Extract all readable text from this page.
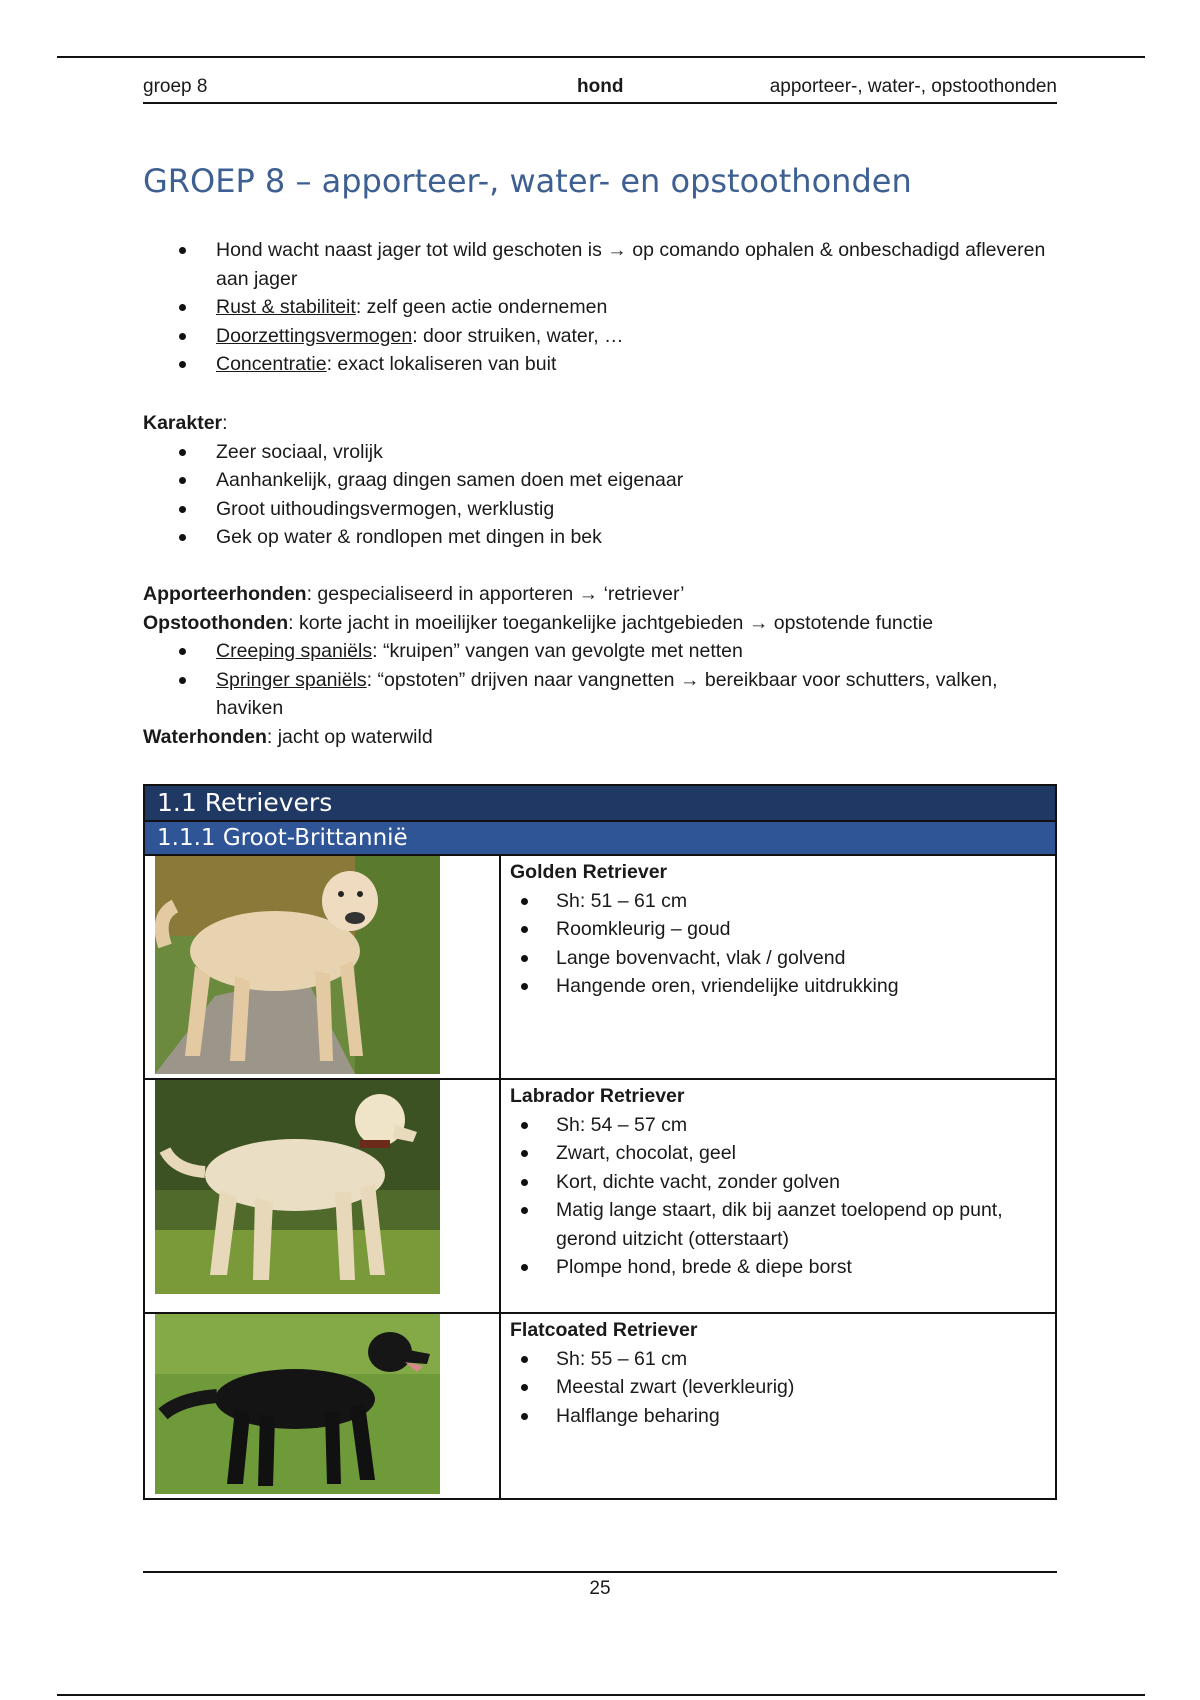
groep 8	hond	apporteer-, water-, opstoothonden
GROEP 8 – apporteer-, water- en opstoothonden
Hond wacht naast jager tot wild geschoten is → op comando ophalen & onbeschadigd afleveren aan jager
Rust & stabiliteit: zelf geen actie ondernemen
Doorzettingsvermogen: door struiken, water, …
Concentratie: exact lokaliseren van buit

Karakter:

Zeer sociaal, vrolijk
Aanhankelijk, graag dingen samen doen met eigenaar
Groot uithoudingsvermogen, werklustig
Gek op water & rondlopen met dingen in bek

Apporteerhonden: gespecialiseerd in apporteren → ‘retriever’

Opstoothonden: korte jacht in moeilijker toegankelijke jachtgebieden → opstotende functie

Creeping spaniëls: “kruipen” vangen van gevolgte met netten
Springer spaniëls: “opstoten” drijven naar vangnetten → bereikbaar voor schutters, valken, haviken

Waterhonden: jacht op waterwild

1.1 Retrievers
1.1.1 Groot-Brittannië
Golden Retriever
Sh: 51 – 61 cm
Roomkleurig – goud
Lange bovenvacht, vlak / golvend
Hangende oren, vriendelijke uitdrukking
Labrador Retriever
Sh: 54 – 57 cm
Zwart, chocolat, geel
Kort, dichte vacht, zonder golven
Matig lange staart, dik bij aanzet toelopend op punt, gerond uitzicht (otterstaart)
Plompe hond, brede & diepe borst
Flatcoated Retriever
Sh: 55 – 61 cm
Meestal zwart (leverkleurig)
Halflange beharing
25
